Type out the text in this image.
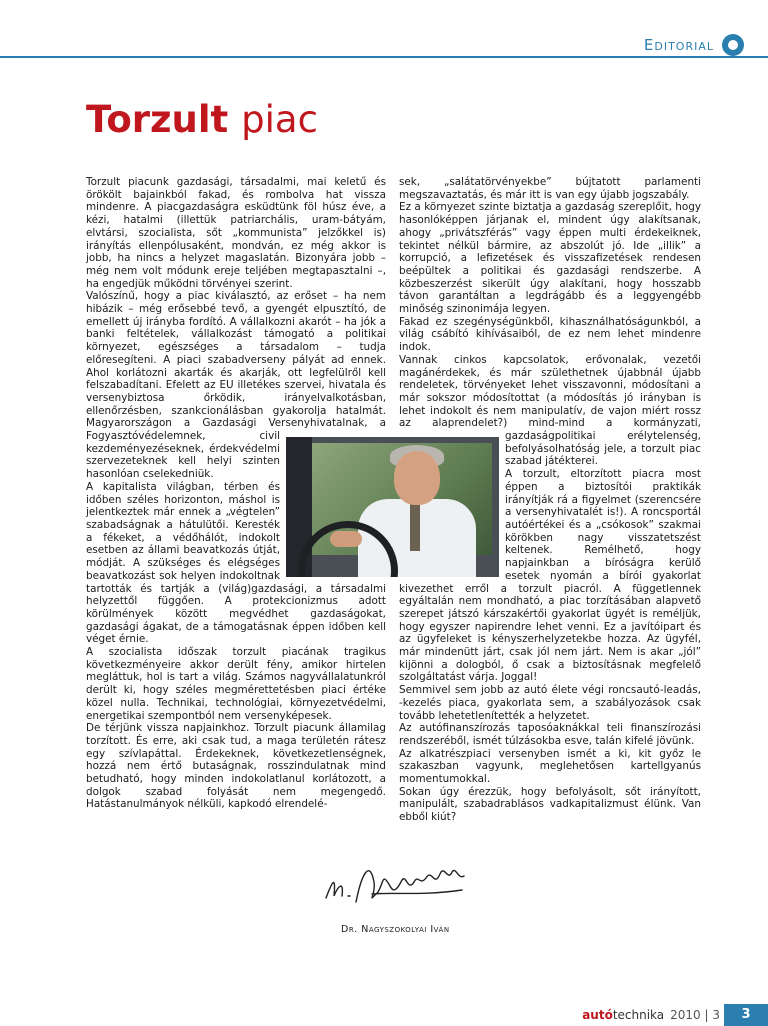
Editorial
Torzult piac

Torzult piacunk gazdasági, társadalmi, mai keletű és örökölt bajainkból fakad, és rombolva hat vissza mindenre. A piacgazdaságra esküdtünk föl húsz éve, a kézi, hatalmi (illettük patriarchális, uram-bátyám, elvtársi, szocialista, sőt „kommunista” jelzőkkel is) irányítás ellenpólusaként, mondván, ez még akkor is jobb, ha nincs a helyzet magaslatán. Bizonyára jobb – még nem volt módunk ereje teljében megtapasztalni –, ha engedjük működni törvényei szerint.

Valószínű, hogy a piac kiválasztó, az erőset – ha nem hibázik – még erősebbé tevő, a gyengét elpusztító, de emellett új irányba fordító. A vállalkozni akarót – ha jók a banki feltételek, vállalkozást támogató a politikai környezet, egészséges a társadalom – tudja előresegíteni. A piaci szabadverseny pályát ad ennek. Ahol korlátozni akarták és akarják, ott legfelülről kell felszabadítani. Efelett az EU illetékes szervei, hivatala és versenybiztosa őrködik, irányelvalkotásban, ellenőrzésben, szankcionálásban gyakorolja hatalmát. Magyarországon a Gazdasági Versenyhivatalnak, a Fogyasztóvédelemnek, civil kezdeményezéseknek, érdekvédelmi szervezeteknek kell helyi szinten hasonlóan cselekedniük.

A kapitalista világban, térben és időben széles horizonton, máshol is jelentkeztek már ennek a „végtelen” szabadságnak a hátulütői. Keresték a fékeket, a védőhálót, indokolt esetben az állami beavatkozás útját, módját. A szükséges és elégséges beavatkozást sok helyen indokoltnak tartották és tartják a (világ)gazdasági, a társadalmi helyzettől függően. A protekcionizmus adott körülmények között megvédhet gazdaságokat, gazdasági ágakat, de a támogatásnak éppen időben kell véget érnie.

A szocialista időszak torzult piacának tragikus következményeire akkor derült fény, amikor hirtelen megláttuk, hol is tart a világ. Számos nagyvállalatunkról derült ki, hogy széles megmérettetésben piaci értéke közel nulla. Technikai, technológiai, környezetvédelmi, energetikai szempontból nem versenyképesek.

De térjünk vissza napjainkhoz. Torzult piacunk államilag torzított. És erre, aki csak tud, a maga területén rátesz egy szívlapáttal. Érdekeknek, következetlenségnek, hozzá nem értő butaságnak, rosszindulatnak mind betudható, hogy minden indokolatlanul korlátozott, a dolgok szabad folyását nem megengedő. Hatástanulmányok nélküli, kapkodó elrendelé-

sek, „salátatörvényekbe” bújtatott parlamenti megszavaztatás, és már itt is van egy újabb jogszabály.

Ez a környezet szinte biztatja a gazdaság szereplőit, hogy hasonlóképpen járjanak el, mindent úgy alakítsanak, ahogy „privátszférás” vagy éppen multi érdekeiknek, tekintet nélkül bármire, az abszolút jó. Ide „illik” a korrupció, a lefizetések és visszafizetések rendesen beépültek a politikai és gazdasági rendszerbe. A közbeszerzést sikerült úgy alakítani, hogy hosszabb távon garantáltan a legdrágább és a leggyengébb minőség szinonimája legyen.

Fakad ez szegénységünkből, kihasználhatóságunkból, a világ csábító kihívásaiból, de ez nem lehet mindenre indok.

Vannak cinkos kapcsolatok, erővonalak, vezetői magánérdekek, és már születhetnek újabbnál újabb rendeletek, törvényeket lehet visszavonni, módosítani a már sokszor módosítottat (a módosítás jó irányban is lehet indokolt és nem manipulatív, de vajon miért rossz az alaprendelet?) mind-mind a kormányzati, gazdaságpolitikai erélytelenség, befolyásolhatóság jele, a torzult piac szabad játékterei.

A torzult, eltorzított piacra most éppen a biztosítói praktikák irányítják rá a figyelmet (szerencsére a versenyhivatalét is!). A roncsportál autóértékei és a „csókosok” szakmai körökben nagy visszatetszést keltenek. Remélhető, hogy napjainkban a bíróságra kerülő esetek nyomán a bírói gyakorlat kivezethet erről a torzult piacról. A függetlennek egyáltalán nem mondható, a piac torzításában alapvető szerepet játszó kárszakértői gyakorlat ügyét is reméljük, hogy egyszer napirendre lehet venni. Ez a javítóipart és az ügyfeleket is kényszerhelyzetekbe hozza. Az ügyfél, már mindenütt járt, csak jól nem járt. Nem is akar „jól” kijönni a dologból, ő csak a biztosításnak megfelelő szolgáltatást várja. Joggal!

Semmivel sem jobb az autó élete végi roncsautó-leadás, -kezelés piaca, gyakorlata sem, a szabályozások csak tovább lehetetlenítették a helyzetet.

Az autófinanszírozás taposóaknákkal teli finanszírozási rendszeréből, ismét túlzásokba esve, talán kifelé jövünk.

Az alkatrészpiaci versenyben ismét a ki, kit győz le szakaszban vagyunk, meglehetősen kartellgyanús momentumokkal.

Sokan úgy érezzük, hogy befolyásolt, sőt irányított, manipulált, szabadrablásos vadkapitalizmust élünk. Van ebből kiút?

Dr. Nagyszokolyai Iván
autótechnika 2010 | 3	3
